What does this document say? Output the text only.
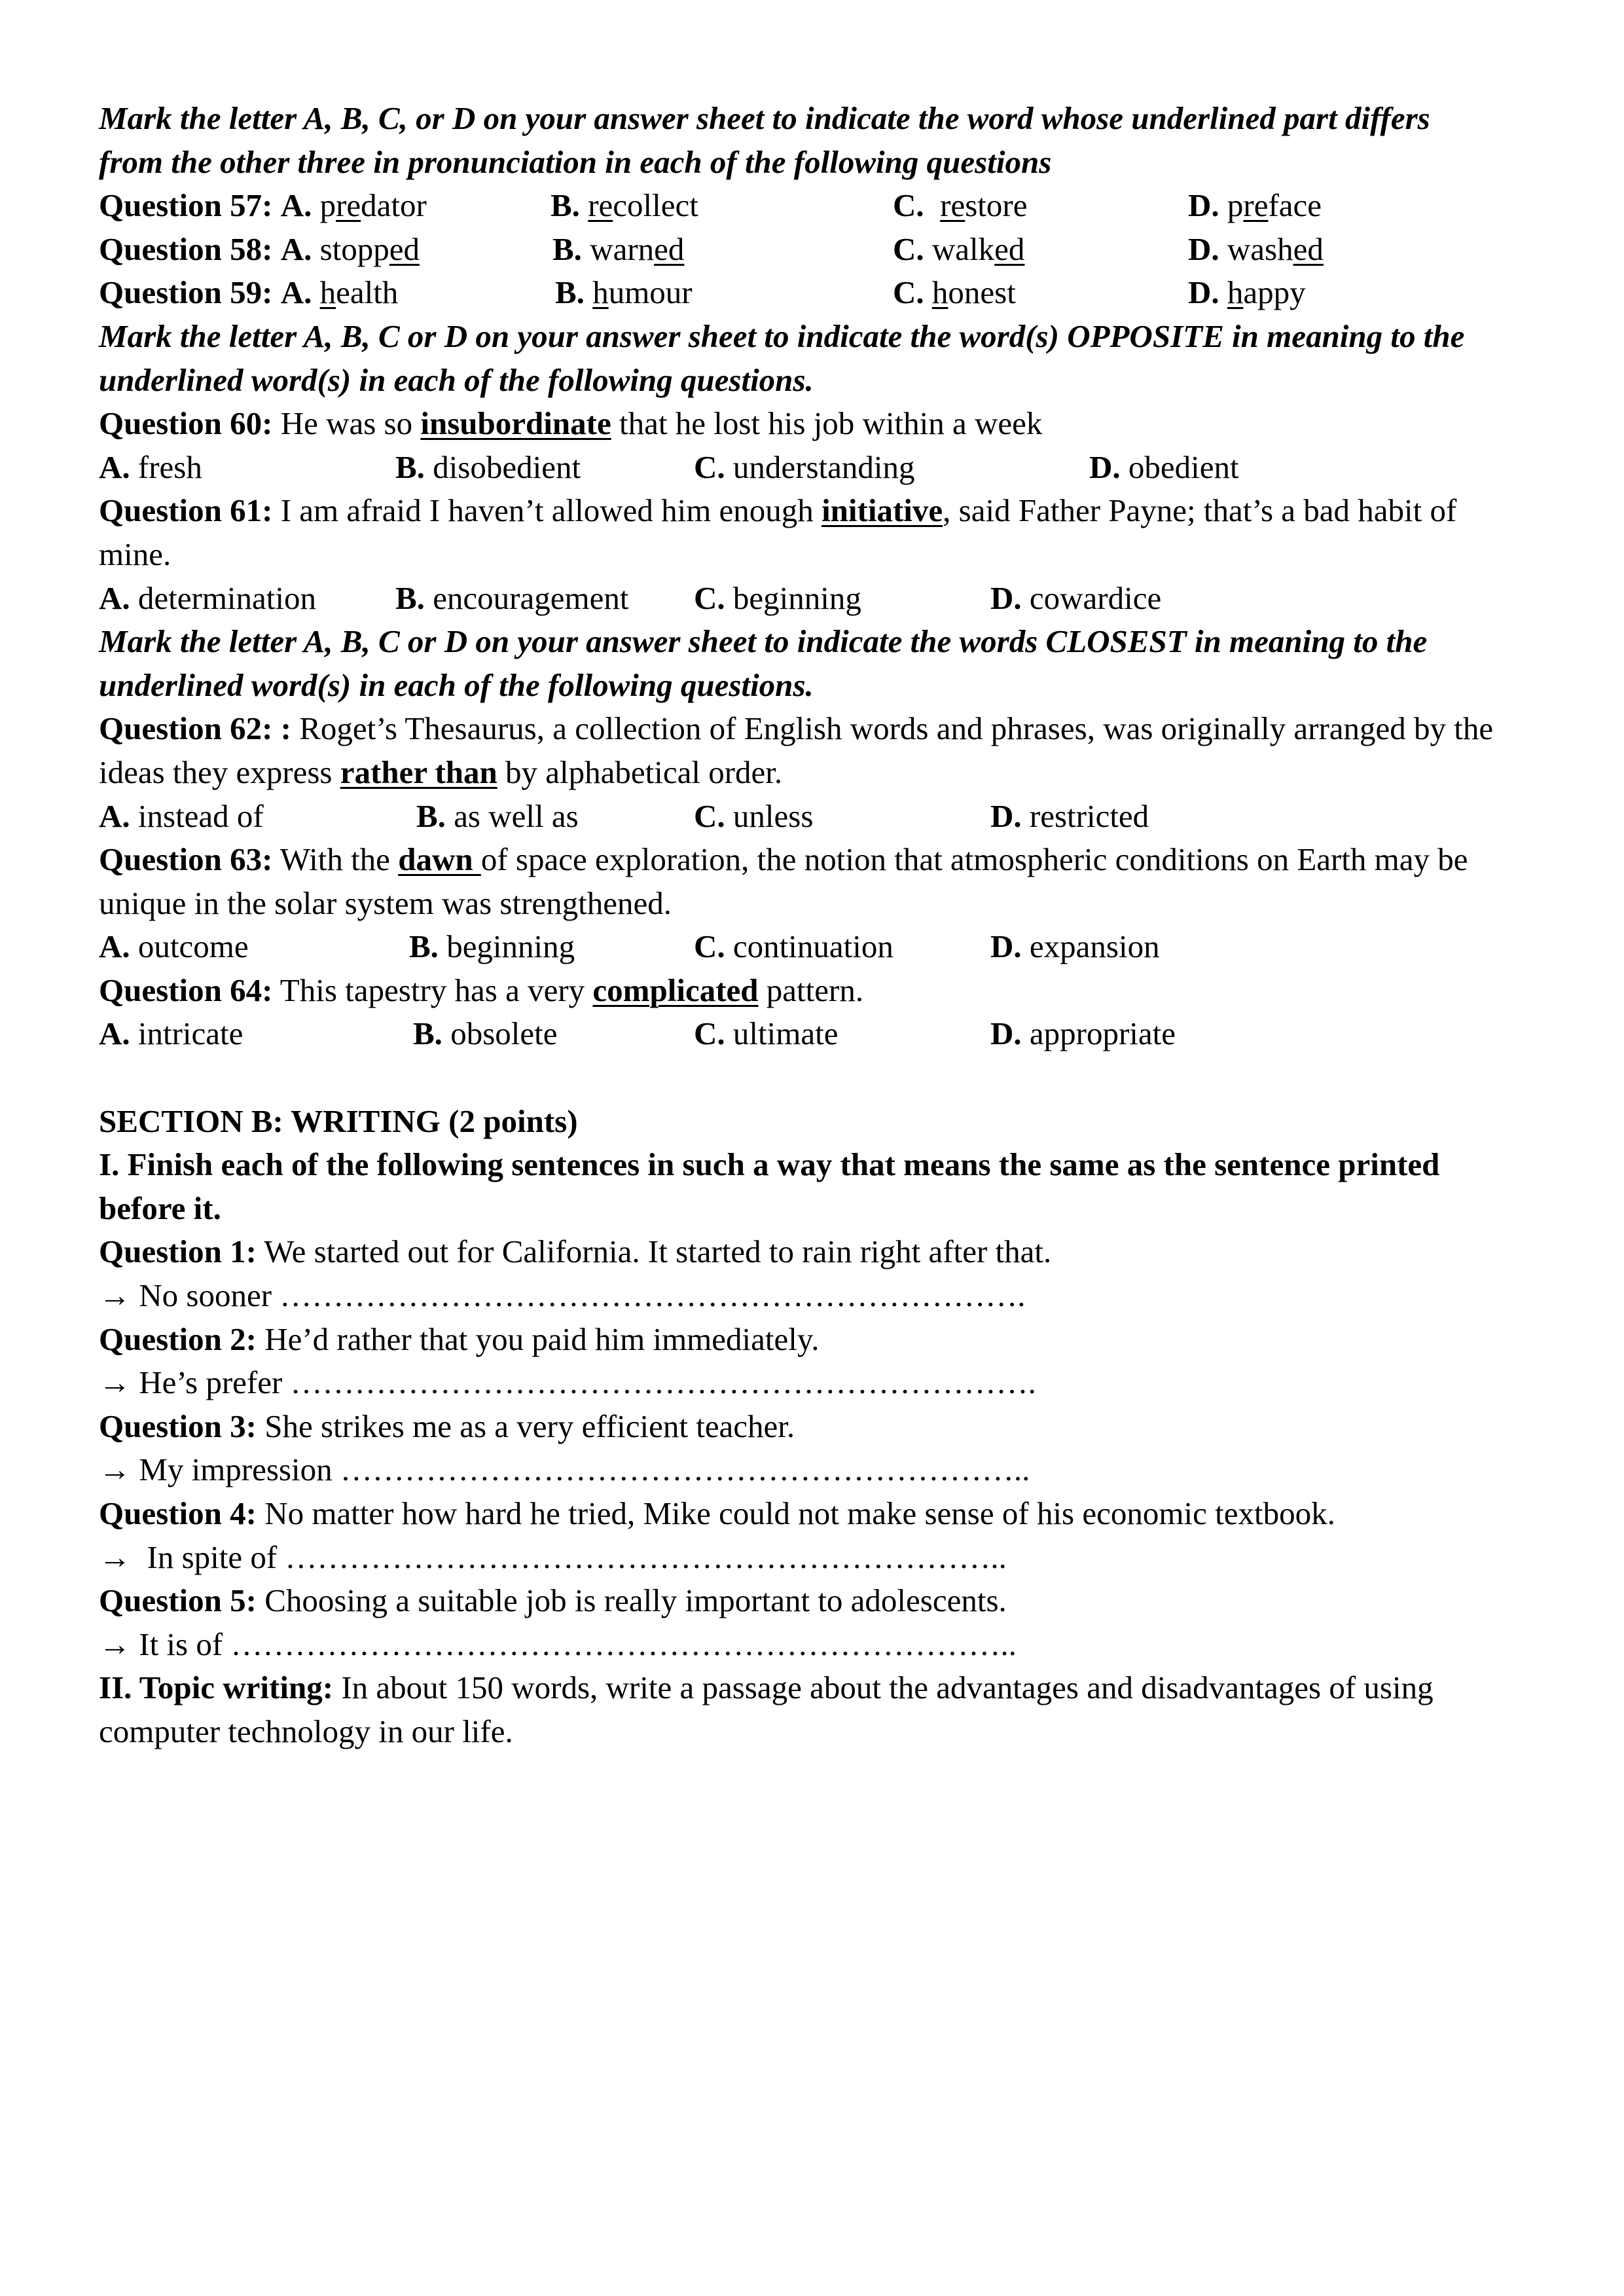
Mark the letter A, B, C, or D on your answer sheet to indicate the word whose underlined part differs
from the other three in pronunciation in each of the following questions
Question 57: A. predator	B. recollect	C. restore	D. preface
Question 58: A. stopped	B. warned	C. walked	D. washed
Question 59: A. health	B. humour	C. honest	D. happy
Mark the letter A, B, C or D on your answer sheet to indicate the word(s) OPPOSITE in meaning to the
underlined word(s) in each of the following questions.
Question 60: He was so insubordinate that he lost his job within a week
A. fresh	B. disobedient	C. understanding	D. obedient
Question 61: I am afraid I haven’t allowed him enough initiative, said Father Payne; that’s a bad habit of
mine.
A. determination B. encouragement C. beginning	D. cowardice
Mark the letter A, B, C or D on your answer sheet to indicate the words CLOSEST in meaning to the
underlined word(s) in each of the following questions.
Question 62: : Roget’s Thesaurus, a collection of English words and phrases, was originally arranged by the
ideas they express rather than by alphabetical order.
A. instead of	B. as well as	C. unless	D. restricted
Question 63: With the dawn of space exploration, the notion that atmospheric conditions on Earth may be
unique in the solar system was strengthened.
A. outcome	B. beginning	C. continuation	D. expansion
Question 64: This tapestry has a very complicated pattern.
A. intricate	B. obsolete	C. ultimate	D. appropriate
SECTION B: WRITING (2 points)
I. Finish each of the following sentences in such a way that means the same as the sentence printed
before it.
Question 1: We started out for California. It started to rain right after that.
→ No sooner …………………………………………………………….
Question 2: He’d rather that you paid him immediately.
→ He’s prefer …………………………………………………………….
Question 3: She strikes me as a very efficient teacher.
→ My impression ………………………………………………………..
Question 4: No matter how hard he tried, Mike could not make sense of his economic textbook.
→  In spite of …………………………………………………………..
Question 5: Choosing a suitable job is really important to adolescents.
→ It is of ………………………………………………………………..
II. Topic writing: In about 150 words, write a passage about the advantages and disadvantages of using
computer technology in our life.
